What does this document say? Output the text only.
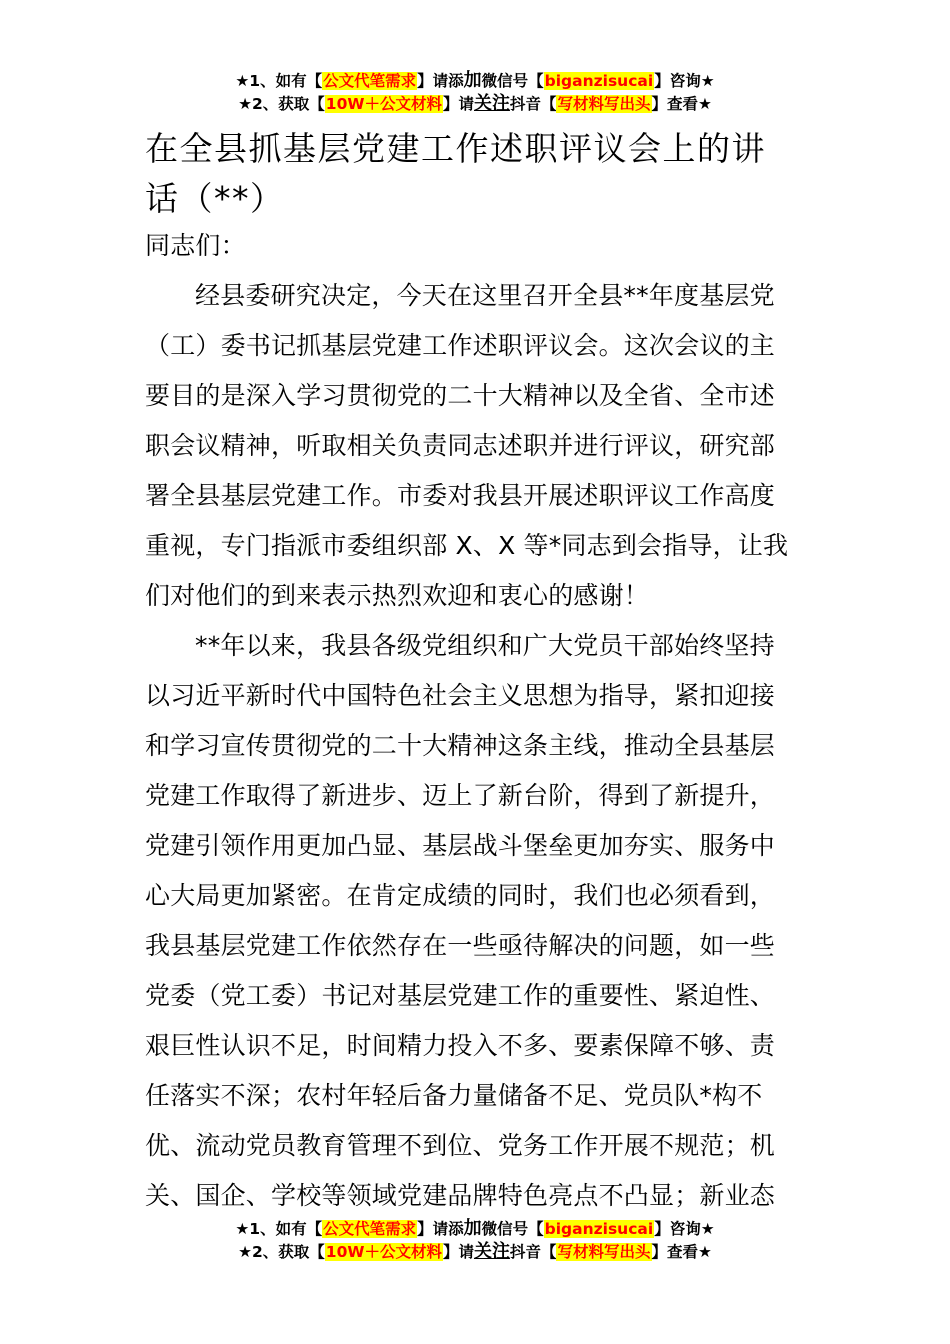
★1、如有【公文代笔需求】请添加微信号【biganzisucai】咨询★
★2、获取【10W＋公文材料】请关注抖音【写材料写出头】查看★
在全县抓基层党建工作述职评议会上的讲
话（**）
同志们：
经县委研究决定，今天在这里召开全县**年度基层党
（工）委书记抓基层党建工作述职评议会。这次会议的主
要目的是深入学习贯彻党的二十大精神以及全省、全市述
职会议精神，听取相关负责同志述职并进行评议，研究部
署全县基层党建工作。市委对我县开展述职评议工作高度
重视，专门指派市委组织部 X、X 等*同志到会指导，让我
们对他们的到来表示热烈欢迎和衷心的感谢！
**年以来，我县各级党组织和广大党员干部始终坚持
以习近平新时代中国特色社会主义思想为指导，紧扣迎接
和学习宣传贯彻党的二十大精神这条主线，推动全县基层
党建工作取得了新进步、迈上了新台阶，得到了新提升，
党建引领作用更加凸显、基层战斗堡垒更加夯实、服务中
心大局更加紧密。在肯定成绩的同时，我们也必须看到，
我县基层党建工作依然存在一些亟待解决的问题，如一些
党委（党工委）书记对基层党建工作的重要性、紧迫性、
艰巨性认识不足，时间精力投入不多、要素保障不够、责
任落实不深；农村年轻后备力量储备不足、党员队*构不
优、流动党员教育管理不到位、党务工作开展不规范；机
关、国企、学校等领域党建品牌特色亮点不凸显；新业态
★1、如有【公文代笔需求】请添加微信号【biganzisucai】咨询★
★2、获取【10W＋公文材料】请关注抖音【写材料写出头】查看★
